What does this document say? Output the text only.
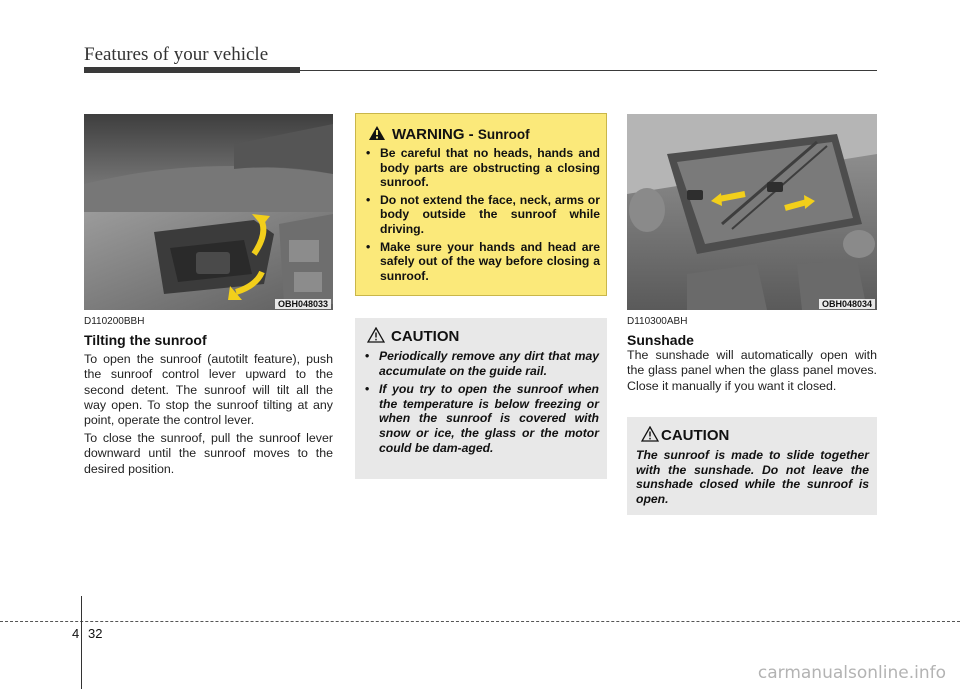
Features of your vehicle
OBH048033
D110200BBH
Tilting the sunroof
To open the sunroof (autotilt feature), push the sunroof control lever upward to the second detent. The sunroof will tilt all the way open. To stop the sunroof tilting at any point, operate the control lever.
To close the sunroof, pull the sunroof lever downward until the sunroof moves to the desired position.
WARNING - Sunroof
• Be careful that no heads, hands and body parts are obstructing a closing sunroof.
• Do not extend the face, neck, arms or body outside the sunroof while driving.
• Make sure your hands and head are safely out of the way before closing a sunroof.
CAUTION
• Periodically remove any dirt that may accumulate on the guide rail.
• If you try to open the sunroof when the temperature is below freezing or when the sunroof is covered with snow or ice, the glass or the motor could be dam-aged.
OBH048034
D110300ABH
Sunshade
The sunshade will automatically open with the glass panel when the glass panel moves. Close it manually if you want it closed.
CAUTION
The sunroof is made to slide together with the sunshade. Do not leave the sunshade closed while the sunroof is open.
4 32
carmanualsonline.info
